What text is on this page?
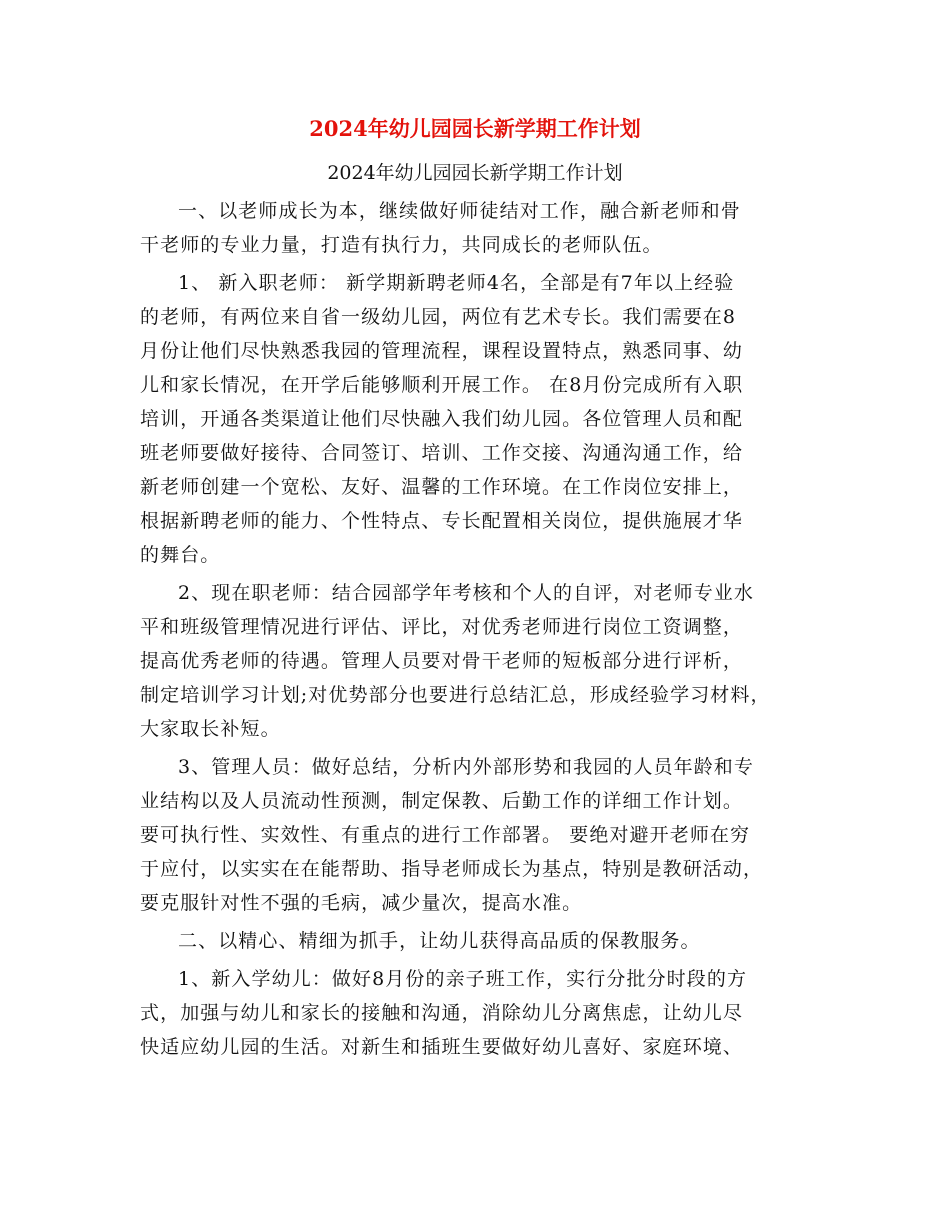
2024年幼儿园园长新学期工作计划
2024年幼儿园园长新学期工作计划
一、以老师成长为本，继续做好师徒结对工作，融合新老师和骨
干老师的专业力量，打造有执行力，共同成长的老师队伍。
1、 新入职老师： 新学期新聘老师4名，全部是有7年以上经验
的老师，有两位来自省一级幼儿园，两位有艺术专长。我们需要在8
月份让他们尽快熟悉我园的管理流程，课程设置特点，熟悉同事、幼
儿和家长情况，在开学后能够顺利开展工作。 在8月份完成所有入职
培训，开通各类渠道让他们尽快融入我们幼儿园。各位管理人员和配
班老师要做好接待、合同签订、培训、工作交接、沟通沟通工作，给
新老师创建一个宽松、友好、温馨的工作环境。在工作岗位安排上，
根据新聘老师的能力、个性特点、专长配置相关岗位，提供施展才华
的舞台。
2、现在职老师：结合园部学年考核和个人的自评，对老师专业水
平和班级管理情况进行评估、评比，对优秀老师进行岗位工资调整，
提高优秀老师的待遇。管理人员要对骨干老师的短板部分进行评析，
制定培训学习计划;对优势部分也要进行总结汇总，形成经验学习材料，
大家取长补短。
3、管理人员：做好总结，分析内外部形势和我园的人员年龄和专
业结构以及人员流动性预测，制定保教、后勤工作的详细工作计划。
要可执行性、实效性、有重点的进行工作部署。 要绝对避开老师在穷
于应付，以实实在在能帮助、指导老师成长为基点，特别是教研活动，
要克服针对性不强的毛病，减少量次，提高水准。
二、以精心、精细为抓手，让幼儿获得高品质的保教服务。
1、新入学幼儿：做好8月份的亲子班工作，实行分批分时段的方
式，加强与幼儿和家长的接触和沟通，消除幼儿分离焦虑，让幼儿尽
快适应幼儿园的生活。对新生和插班生要做好幼儿喜好、家庭环境、
